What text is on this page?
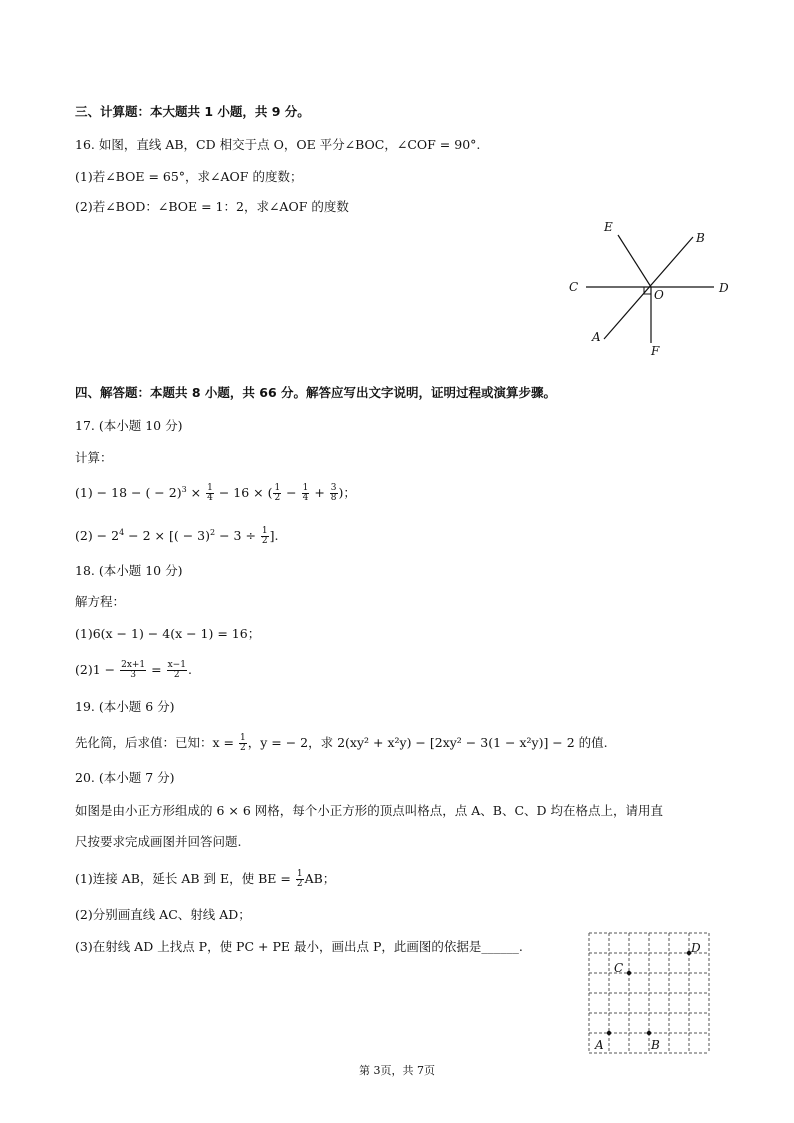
三、计算题：本大题共 1 小题，共 9 分。
16. 如图，直线 AB，CD 相交于点 O，OE 平分∠BOC，∠COF = 90°.
(1)若∠BOE = 65°，求∠AOF 的度数；
(2)若∠BOD：∠BOE = 1：2，求∠AOF 的度数
E
B
C
O	D
A
F
四、解答题：本题共 8 小题，共 66 分。解答应写出文字说明，证明过程或演算步骤。
17. (本小题 10 分)
计算：
(1) − 18 − ( − $2)^3 \times \frac{1}{4} - 16$ × ( $\frac{1}{2} - \frac{1}{4} + \frac{3}{8}$ )；
$(2) - 2^4 - 2$ × [( − $3)^2 - 3 \div \frac{1}{2}$ ].
18. (本小题 10 分)
解方程：
(1)6(x − 1) − 4(x − 1) = 16；
$(2)1 - \frac{2x+1}{3} = \frac{x-1}{2}$ .
19. (本小题 6 分)
先化简，后求值：已知：$x = \frac{1}{2}$ ，y = − 2，求 2(xy² + x²y) − [2xy² − 3(1 − x²y)] − 2 的值.
20. (本小题 7 分)
如图是由小正方形组成的 6 × 6 网格，每个小正方形的顶点叫格点，点 A、B、C、D 均在格点上，请用直
尺按要求完成画图并回答问题.
(1)连接 AB，延长 AB 到 E，使 BE = $\frac{1}{2}$ AB；
(2)分别画直线 AC、射线 AD；
(3)在射线 AD 上找点 P，使 PC + PE 最小，画出点 P，此画图的依据是______.
A	B
C
D
第 3页，共 7页
